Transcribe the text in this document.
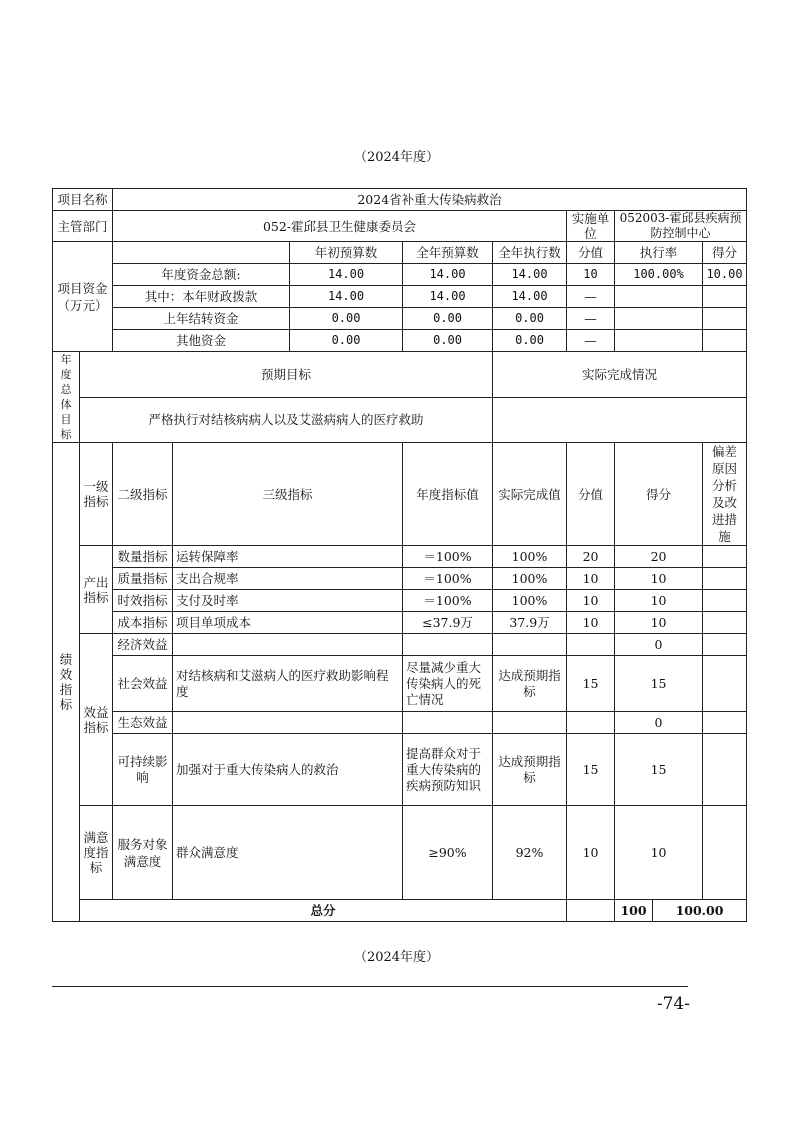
（2024年度）
项目名称		2024省补重大传染病救治									
主管部门		052-霍邱县卫生健康委员会					实施单位	052003-霍邱县疾病预防控制中心			
项目资金（万元）				年初预算数	全年预算数	全年执行数	分值	执行率		得分	
		年度资金总额:		14.00	14.00	14.00	10	100.00%		10.00	
		其中：本年财政拨款		14.00	14.00	14.00	—				
		上年结转资金		0.00	0.00	0.00	—				
		其他资金		0.00	0.00	0.00	—				
年度总体目标	预期目标					实际完成情况					
	严格执行对结核病病人以及艾滋病病人的医疗救助										
绩效指标	一级指标	二级指标	三级指标		年度指标值	实际完成值	分值	得分		偏差原因分析及改进措施	
	产出指标	数量指标	运转保障率		＝100%	100%	20	20			
		质量指标	支出合规率		＝100%	100%	10	10			
		时效指标	支付及时率		＝100%	100%	10	10			
		成本指标	项目单项成本		≤37.9万	37.9万	10	10			
	效益指标	经济效益						0			
		社会效益	对结核病和艾滋病人的医疗救助影响程度		尽量减少重大传染病人的死亡情况	达成预期指标	15	15			
		生态效益						0			
		可持续影响	加强对于重大传染病人的救治		提高群众对于重大传染病的疾病预防知识	达成预期指标	15	15			
	满意度指标	服务对象满意度	群众满意度		≥90%	92%	10	10			
	总分							100	100.00		
（2024年度）
-74-
